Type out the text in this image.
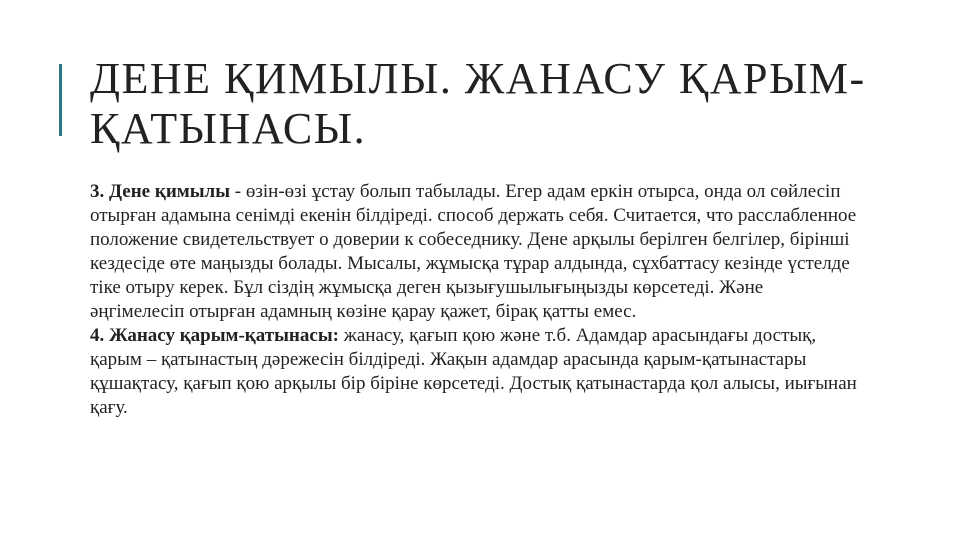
ДЕНЕ ҚИМЫЛЫ. ЖАНАСУ ҚАРЫМ-ҚАТЫНАСЫ.

3. Дене қимылы - өзін-өзі ұстау болып табылады. Егер адам еркін отырса, онда ол сөйлесіп отырған адамына сенімді екенін білдіреді. способ держать себя. Считается, что расслабленное положение свидетельствует о доверии к собеседнику. Дене арқылы берілген белгілер, бірінші кездесіде өте маңызды болады. Мысалы, жұмысқа тұрар алдында, сұхбаттасу кезінде үстелде тіке отыру керек. Бұл сіздің жұмысқа деген қызығушылығыңызды көрсетеді. Және әңгімелесіп отырған адамның көзіне қарау қажет, бірақ қатты емес.

4. Жанасу қарым-қатынасы: жанасу, қағып қою және т.б. Адамдар арасындағы достық, қарым – қатынастың дәрежесін білдіреді. Жақын адамдар арасында қарым-қатынастары құшақтасу, қағып қою арқылы бір біріне көрсетеді. Достық қатынастарда қол алысы, иығынан қағу.
